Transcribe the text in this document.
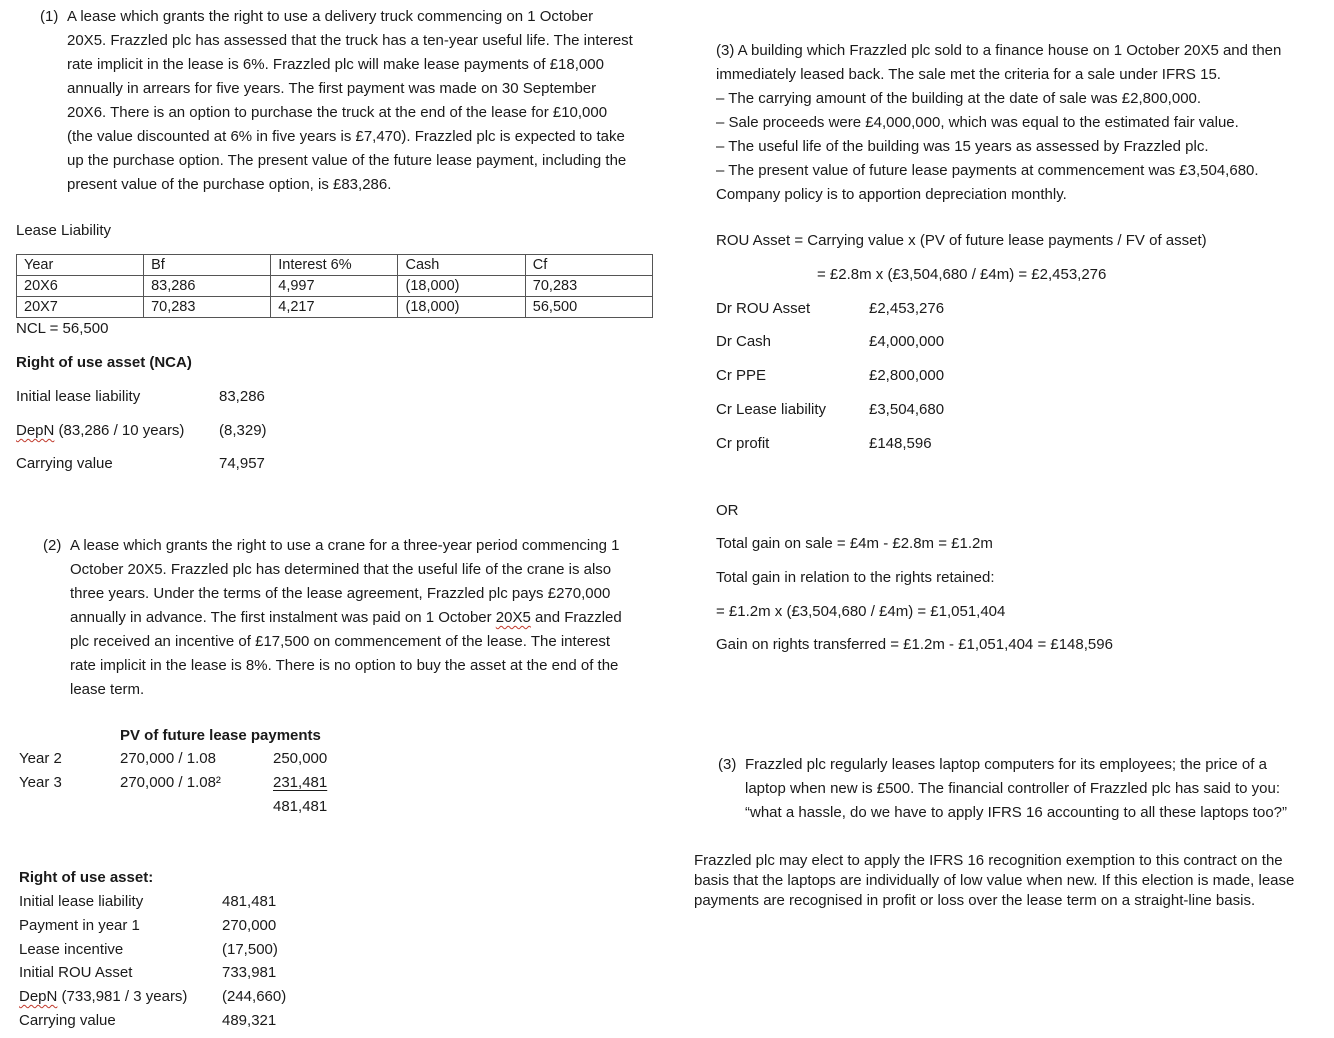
(1) A lease which grants the right to use a delivery truck commencing on 1 October
20X5. Frazzled plc has assessed that the truck has a ten-year useful life. The interest
rate implicit in the lease is 6%. Frazzled plc will make lease payments of £18,000
annually in arrears for five years. The first payment was made on 30 September
20X6. There is an option to purchase the truck at the end of the lease for £10,000
(the value discounted at 6% in five years is £7,470). Frazzled plc is expected to take
up the purchase option. The present value of the future lease payment, including the
present value of the purchase option, is £83,286.
Lease Liability
Year	Bf	Interest 6%	Cash	Cf
20X6	83,286	4,997	(18,000)	70,283
20X7	70,283	4,217	(18,000)	56,500
NCL = 56,500
Right of use asset (NCA)
Initial lease liability	83,286
DepN (83,286 / 10 years) (8,329)
Carrying value	74,957
(2) A lease which grants the right to use a crane for a three-year period commencing 1
October 20X5. Frazzled plc has determined that the useful life of the crane is also
three years. Under the terms of the lease agreement, Frazzled plc pays £270,000
annually in advance. The first instalment was paid on 1 October 20X5 and Frazzled
plc received an incentive of £17,500 on commencement of the lease. The interest
rate implicit in the lease is 8%. There is no option to buy the asset at the end of the
lease term.
PV of future lease payments
Year 2	270,000 / 1.08	250,000
Year 3	270,000 / 1.08²	231,481
481,481
Right of use asset:
Initial lease liability	481,481
Payment in year 1	270,000
Lease incentive	(17,500)
Initial ROU Asset	733,981
DepN (733,981 / 3 years) (244,660)
Carrying value	489,321
(3) A building which Frazzled plc sold to a finance house on 1 October 20X5 and then
immediately leased back. The sale met the criteria for a sale under IFRS 15.
– The carrying amount of the building at the date of sale was £2,800,000.
– Sale proceeds were £4,000,000, which was equal to the estimated fair value.
– The useful life of the building was 15 years as assessed by Frazzled plc.
– The present value of future lease payments at commencement was £3,504,680.
Company policy is to apportion depreciation monthly.
ROU Asset = Carrying value x (PV of future lease payments / FV of asset)
= £2.8m x (£3,504,680 / £4m) = £2,453,276
Dr ROU Asset	£2,453,276
Dr Cash	£4,000,000
Cr PPE	£2,800,000
Cr Lease liability	£3,504,680
Cr profit	£148,596
OR
Total gain on sale = £4m - £2.8m = £1.2m
Total gain in relation to the rights retained:
= £1.2m x (£3,504,680 / £4m) = £1,051,404
Gain on rights transferred = £1.2m - £1,051,404 = £148,596
(3) Frazzled plc regularly leases laptop computers for its employees; the price of a
laptop when new is £500. The financial controller of Frazzled plc has said to you:
“what a hassle, do we have to apply IFRS 16 accounting to all these laptops too?”
Frazzled plc may elect to apply the IFRS 16 recognition exemption to this contract on the
basis that the laptops are individually of low value when new. If this election is made, lease
payments are recognised in profit or loss over the lease term on a straight-line basis.
